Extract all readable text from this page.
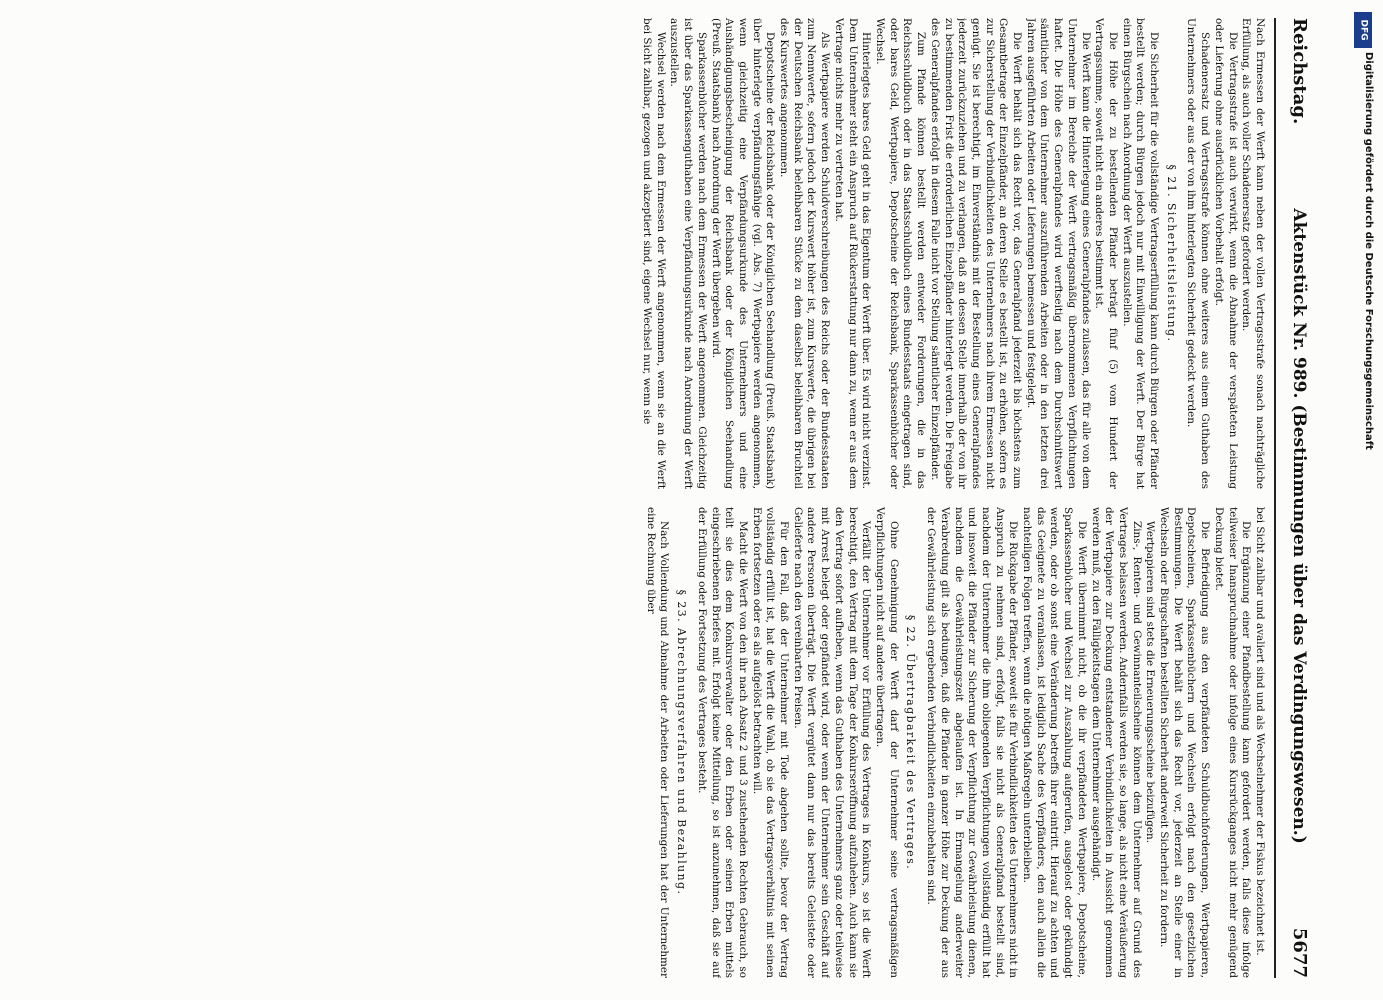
Reichstag.
Aktenstück Nr. 989. (Bestimmungen über das Verdingungswesen.)
5677

Nach Ermessen der Werft kann neben der vollen Vertragsstrafe sonach nachträgliche Erfüllung, als auch voller Schadenersatz gefordert werden.

Die Vertragsstrafe ist auch verwirkt, wenn die Abnahme der verspäteten Leistung oder Lieferung ohne ausdrücklichen Vorbehalt erfolgt.

Schadenersatz und Vertragsstrafe können ohne weiteres aus einem Guthaben des Unternehmers oder aus der von ihm hinterlegten Sicherheit gedeckt werden.

§ 21. Sicherheitsleistung.

Die Sicherheit für die vollständige Vertragserfüllung kann durch Bürgen oder Pfänder bestellt werden; durch Bürgen jedoch nur mit Einwilligung der Werft. Der Bürge hat einen Bürgschein nach Anordnung der Werft auszustellen.

Die Höhe der zu bestellenden Pfänder beträgt fünf (5) vom Hundert der Vertragssumme, soweit nicht ein anderes bestimmt ist.

Die Werft kann die Hinterlegung eines Generalpfandes zulassen, das für alle von dem Unternehmer im Bereiche der Werft vertragsmäßig übernommenen Verpflichtungen haftet. Die Höhe des Generalpfandes wird werftseitig nach dem Durchschnittswert sämtlicher von dem Unternehmer auszuführenden Arbeiten oder in den letzten drei Jahren ausgeführten Arbeiten oder Lieferungen bemessen und festgelegt.

Die Werft behält sich das Recht vor, das Generalpfand jederzeit bis höchstens zum Gesamtbetrage der Einzelpfänder, an deren Stelle es bestellt ist, zu erhöhen, sofern es zur Sicherstellung der Verbindlichkeiten des Unternehmers nach ihrem Ermessen nicht genügt. Sie ist berechtigt, im Einverständnis mit der Bestellung eines Generalpfandes jederzeit zurückzuziehen und zu verlangen, daß an dessen Stelle innerhalb der von ihr zu bestimmenden Frist die erforderlichen Einzelpfänder hinterlegt werden. Die Freigabe des Generalpfandes erfolgt in diesem Falle nicht vor Stellung sämtlicher Einzelpfänder.

Zum Pfande können bestellt werden entweder Forderungen, die in das Reichsschuldbuch oder in das Staatsschuldbuch eines Bundesstaats eingetragen sind, oder bares Geld, Wertpapiere, Depotscheine der Reichsbank, Sparkassenbücher oder Wechsel.

Hinterlegtes bares Geld geht in das Eigentum der Werft über. Es wird nicht verzinst. Dem Unternehmer steht ein Anspruch auf Rückerstattung nur dann zu, wenn er aus dem Vertrage nichts mehr zu vertreten hat.

Als Wertpapiere werden Schuldverschreibungen des Reichs oder der Bundesstaaten zum Nennwerte, sofern jedoch der Kurswert höher ist, zum Kurswerte, die übrigen bei der Deutschen Reichsbank beleihbaren Stücke zu dem daselbst beleihbaren Bruchteil des Kurswertes angenommen.

Depotscheine der Reichsbank oder der Königlichen Seehandlung (Preuß. Staatsbank) über hinterlegte verpfändungsfähige (vgl. Abs. 7) Wertpapiere werden angenommen, wenn gleichzeitig eine Verpfändungsurkunde des Unternehmers und eine Aushändigungsbescheinigung der Reichsbank oder der Königlichen Seehandlung (Preuß. Staatsbank) nach Anordnung der Werft übergeben wird.

Sparkassenbücher werden nach dem Ermessen der Werft angenommen. Gleichzeitig ist über das Sparkassenguthaben eine Verpfändungsurkunde nach Anordnung der Werft auszustellen.

Wechsel werden nach dem Ermessen der Werft angenommen, wenn sie an die Werft bei Sicht zahlbar, gezogen und akzeptiert sind, eigene Wechsel nur, wenn sie

bei Sicht zahlbar und avaliert sind und als Wechselnehmer der Fiskus bezeichnet ist.

Die Ergänzung einer Pfandbestellung kann gefordert werden, falls diese infolge teilweiser Inanspruchnahme oder infolge eines Kursrückganges nicht mehr genügend Deckung bietet.

Die Befriedigung aus den verpfändeten Schuldbuchforderungen, Wertpapieren, Depotscheinen, Sparkassenbüchern und Wechseln erfolgt nach den gesetzlichen Bestimmungen. Die Werft behält sich das Recht vor, jederzeit an Stelle einer in Wechseln oder Bürgschaften bestellten Sicherheit anderweit Sicherheit zu fordern.

Wertpapieren sind stets die Erneuerungsscheine beizufügen.

Zins-, Renten- und Gewinnanteilscheine können dem Unternehmer auf Grund des Vertrages belassen werden. Andernfalls werden sie, so lange, als nicht eine Veräußerung der Wertpapiere zur Deckung entstandener Verbindlichkeiten in Aussicht genommen werden muß, zu den Fälligkeitstagen dem Unternehmer ausgehändigt.

Die Werft übernimmt nicht, ob die ihr verpfändeten Wertpapiere, Depotscheine, Sparkassenbücher und Wechsel zur Auszahlung aufgerufen, ausgelost oder gekündigt werden, oder ob sonst eine Veränderung betreffs ihrer eintritt. Hierauf zu achten und das Geeignete zu veranlassen, ist lediglich Sache des Verpfänders, den auch allein die nachteiligen Folgen treffen, wenn die nötigen Maßregeln unterbleiben.

Die Rückgabe der Pfänder, soweit sie für Verbindlichkeiten des Unternehmers nicht in Anspruch zu nehmen sind, erfolgt, falls sie nicht als Generalpfand bestellt sind, nachdem der Unternehmer die ihm obliegenden Verpflichtungen vollständig erfüllt hat und insoweit die Pfänder zur Sicherung der Verpflichtung zur Gewährleistung dienen, nachdem die Gewährleistungszeit abgelaufen ist. In Ermangelung anderweiter Verabredung gilt als bedungen, daß die Pfänder in ganzer Höhe zur Deckung der aus der Gewährleistung sich ergebenden Verbindlichkeiten einzubehalten sind.

§ 22. Übertragbarkeit des Vertrages.

Ohne Genehmigung der Werft darf der Unternehmer seine vertragsmäßigen Verpflichtungen nicht auf andere übertragen.

Verfällt der Unternehmer vor Erfüllung des Vertrages in Konkurs, so ist die Werft berechtigt, den Vertrag mit dem Tage der Konkurseröffnung aufzuheben. Auch kann sie den Vertrag sofort aufheben, wenn das Guthaben des Unternehmers ganz oder teilweise mit Arrest belegt oder gepfändet wird, oder wenn der Unternehmer sein Geschäft auf andere Personen überträgt. Die Werft vergütet dann nur das bereits Geleistete oder Gelieferte nach den vereinbarten Preisen.

Für den Fall, daß der Unternehmer mit Tode abgehen sollte, bevor der Vertrag vollständig erfüllt ist, hat die Werft die Wahl, ob sie das Vertragsverhältnis mit seinen Erben fortsetzen oder es als aufgelöst betrachten will.

Macht die Werft von den ihr nach Absatz 2 und 3 zustehenden Rechten Gebrauch, so teilt sie dies dem Konkursverwalter oder den Erben oder seinen Erben mittels eingeschriebenen Briefes mit. Erfolgt keine Mitteilung, so ist anzunehmen, daß sie auf der Erfüllung oder Fortsetzung des Vertrages besteht.

§ 23. Abrechnungsverfahren und Bezahlung.

Nach Vollendung und Abnahme der Arbeiten oder Lieferungen hat der Unternehmer eine Rechnung über

DFG
Digitalisierung gefördert durch die Deutsche Forschungsgemeinschaft
